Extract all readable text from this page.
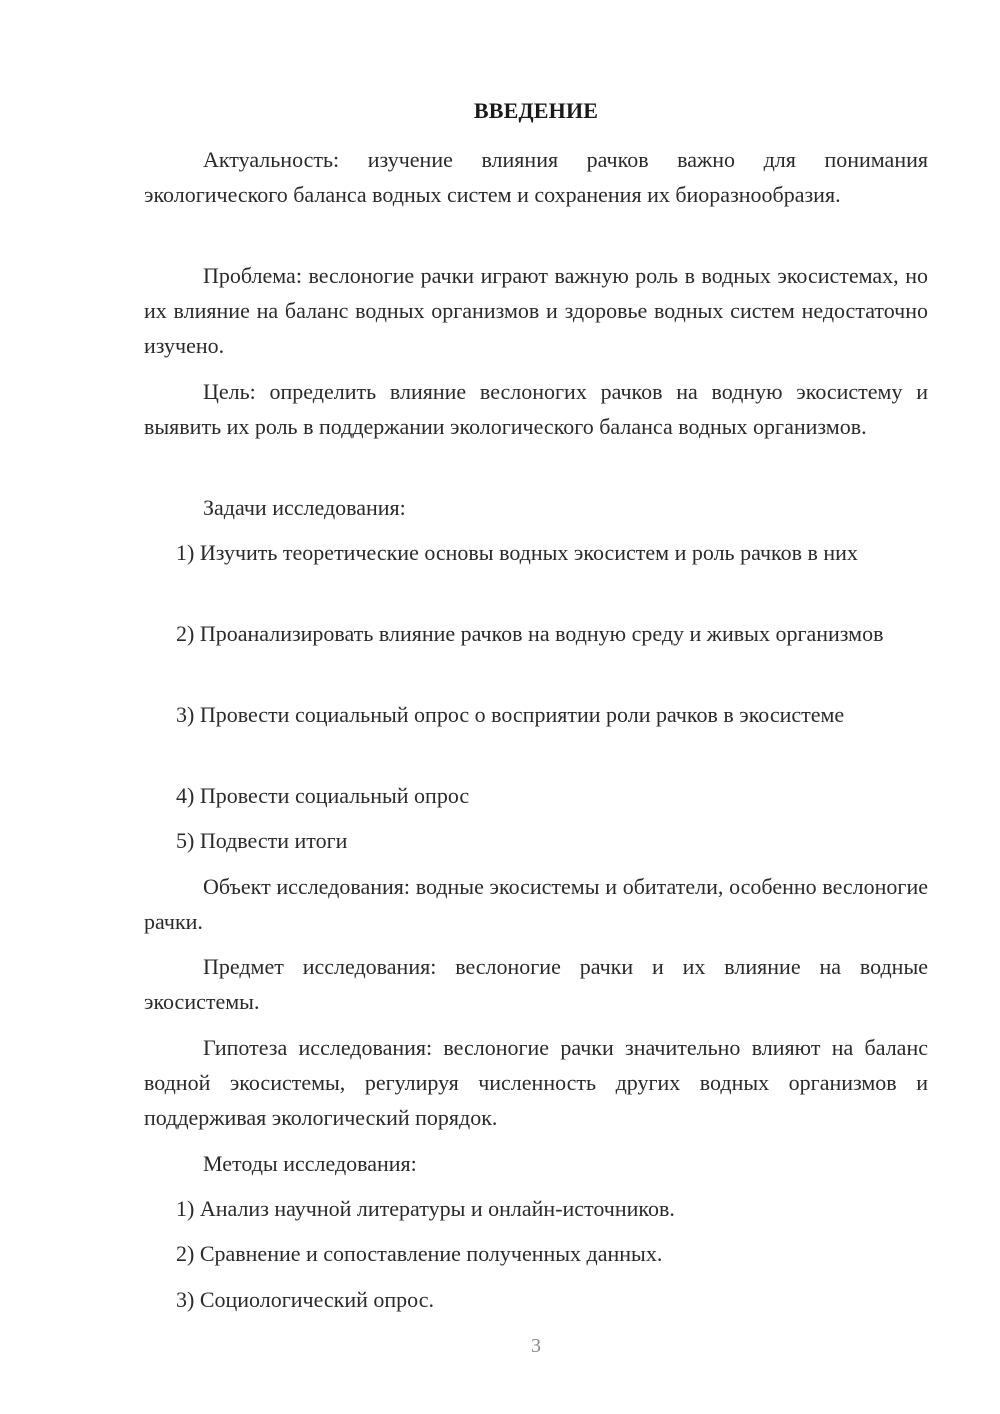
ВВЕДЕНИЕ

Актуальность: изучение влияния рачков важно для понимания экологического баланса водных систем и сохранения их биоразнообразия.

Проблема: веслоногие рачки играют важную роль в водных экосистемах, но их влияние на баланс водных организмов и здоровье водных систем недостаточно изучено.

Цель: определить влияние веслоногих рачков на водную экосистему и выявить их роль в поддержании экологического баланса водных организмов.

Задачи исследования:

1) Изучить теоретические основы водных экосистем и роль рачков в них

2) Проанализировать влияние рачков на водную среду и живых организмов

3) Провести социальный опрос о восприятии роли рачков в экосистеме

4) Провести социальный опрос

5) Подвести итоги

Объект исследования: водные экосистемы и обитатели, особенно веслоногие рачки.

Предмет исследования: веслоногие рачки и их влияние на водные экосистемы.

Гипотеза исследования: веслоногие рачки значительно влияют на баланс водной экосистемы, регулируя численность других водных организмов и поддерживая экологический порядок.

Методы исследования:

1) Анализ научной литературы и онлайн-источников.

2) Сравнение и сопоставление полученных данных.

3) Социологический опрос.

3
